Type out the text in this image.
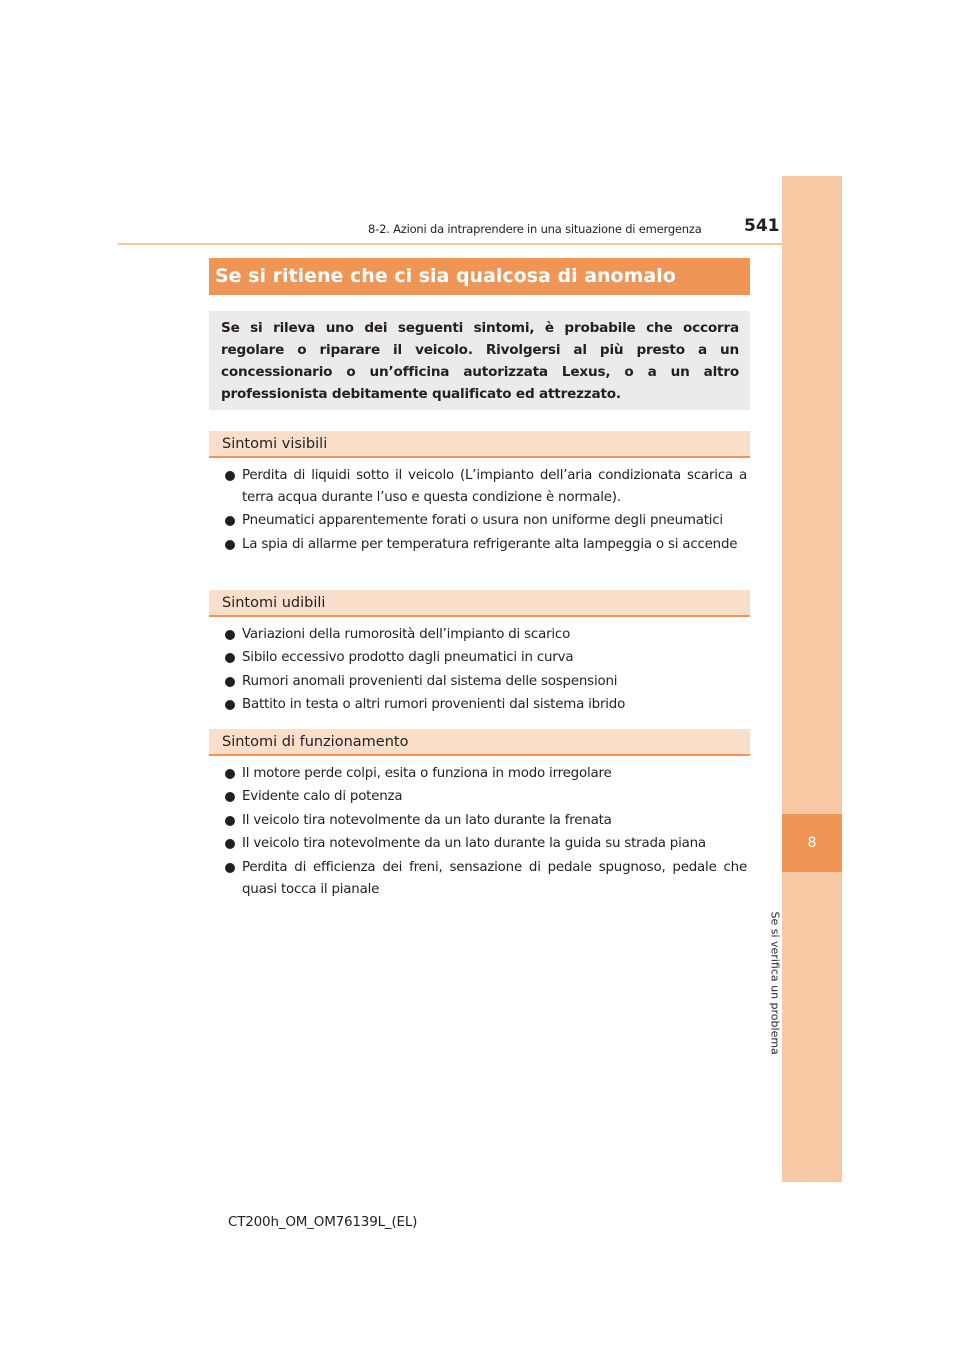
8-2. Azioni da intraprendere in una situazione di emergenza 541
8
Se si verifica un problema
Se si ritiene che ci sia qualcosa di anomalo
Se si rileva uno dei seguenti sintomi, è probabile che occorra regolare o riparare il veicolo. Rivolgersi al più presto a un concessionario o un’officina autorizzata Lexus, o a un altro professionista debitamente qualificato ed attrezzato.
Sintomi visibili
Perdita di liquidi sotto il veicolo (L’impianto dell’aria condizionata scarica a terra acqua durante l’uso e questa condizione è normale).
Pneumatici apparentemente forati o usura non uniforme degli pneumatici
La spia di allarme per temperatura refrigerante alta lampeggia o si accende
Sintomi udibili
Variazioni della rumorosità dell’impianto di scarico
Sibilo eccessivo prodotto dagli pneumatici in curva
Rumori anomali provenienti dal sistema delle sospensioni
Battito in testa o altri rumori provenienti dal sistema ibrido
Sintomi di funzionamento
Il motore perde colpi, esita o funziona in modo irregolare
Evidente calo di potenza
Il veicolo tira notevolmente da un lato durante la frenata
Il veicolo tira notevolmente da un lato durante la guida su strada piana
Perdita di efficienza dei freni, sensazione di pedale spugnoso, pedale che quasi tocca il pianale
CT200h_OM_OM76139L_(EL)
